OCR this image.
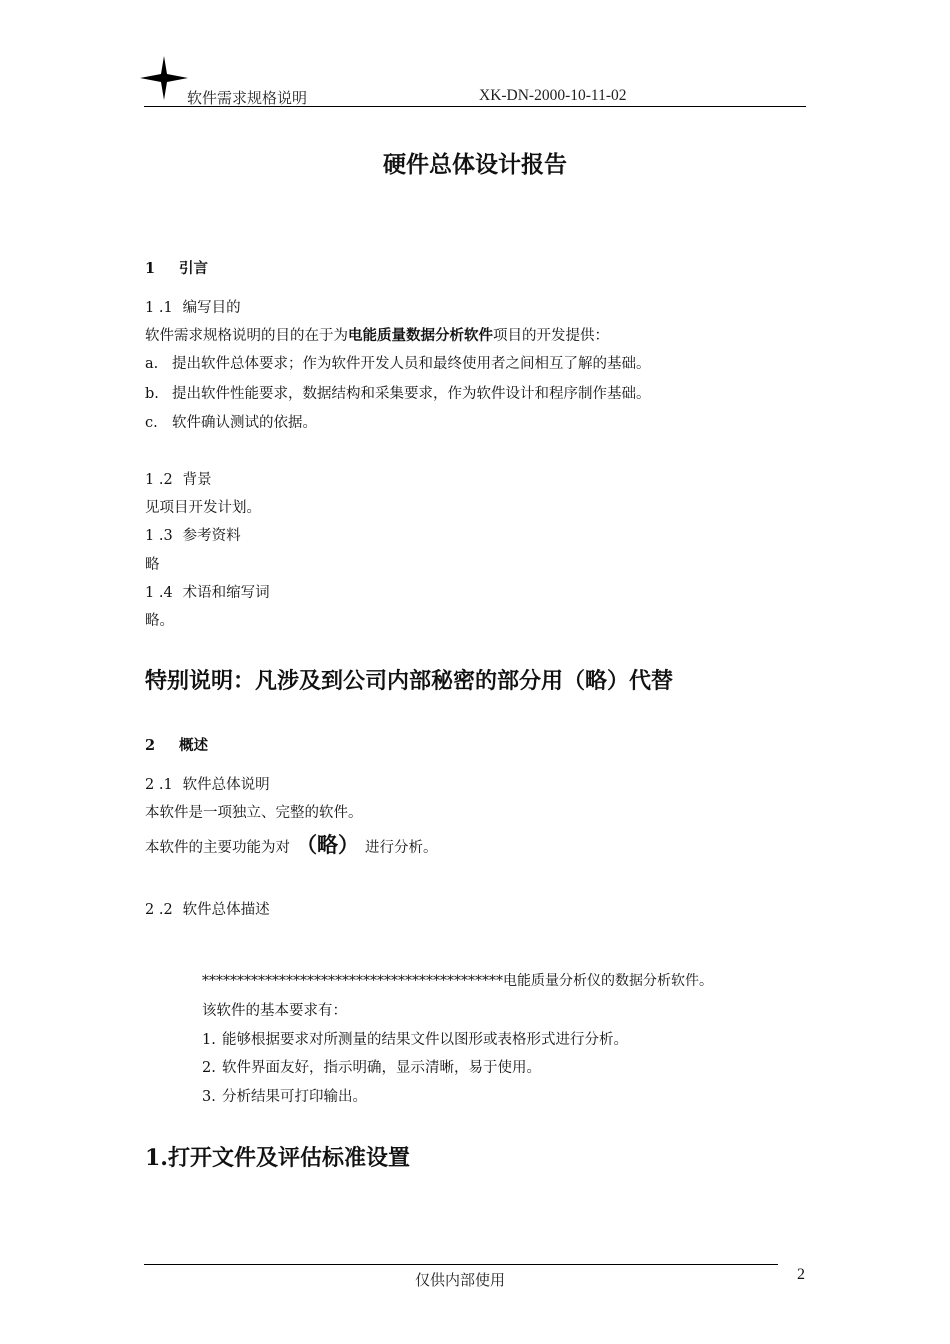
软件需求规格说明	XK-DN-2000-10-11-02
硬件总体设计报告
1 引言
1 .1 编写目的
软件需求规格说明的目的在于为电能质量数据分析软件项目的开发提供：
a. 提出软件总体要求；作为软件开发人员和最终使用者之间相互了解的基础。
b. 提出软件性能要求，数据结构和采集要求，作为软件设计和程序制作基础。
c. 软件确认测试的依据。
1 .2 背景
见项目开发计划。
1 .3 参考资料
略
1 .4 术语和缩写词
略。
特别说明：凡涉及到公司内部秘密的部分用（略）代替
2 概述
2 .1 软件总体说明
本软件是一项独立、完整的软件。
本软件的主要功能为对 （略） 进行分析。
2 .2 软件总体描述
*******************************************电能质量分析仪的数据分析软件。
该软件的基本要求有：
1. 能够根据要求对所测量的结果文件以图形或表格形式进行分析。
2. 软件界面友好，指示明确，显示清晰，易于使用。
3. 分析结果可打印输出。
1.打开文件及评估标准设置
仅供内部使用	2
